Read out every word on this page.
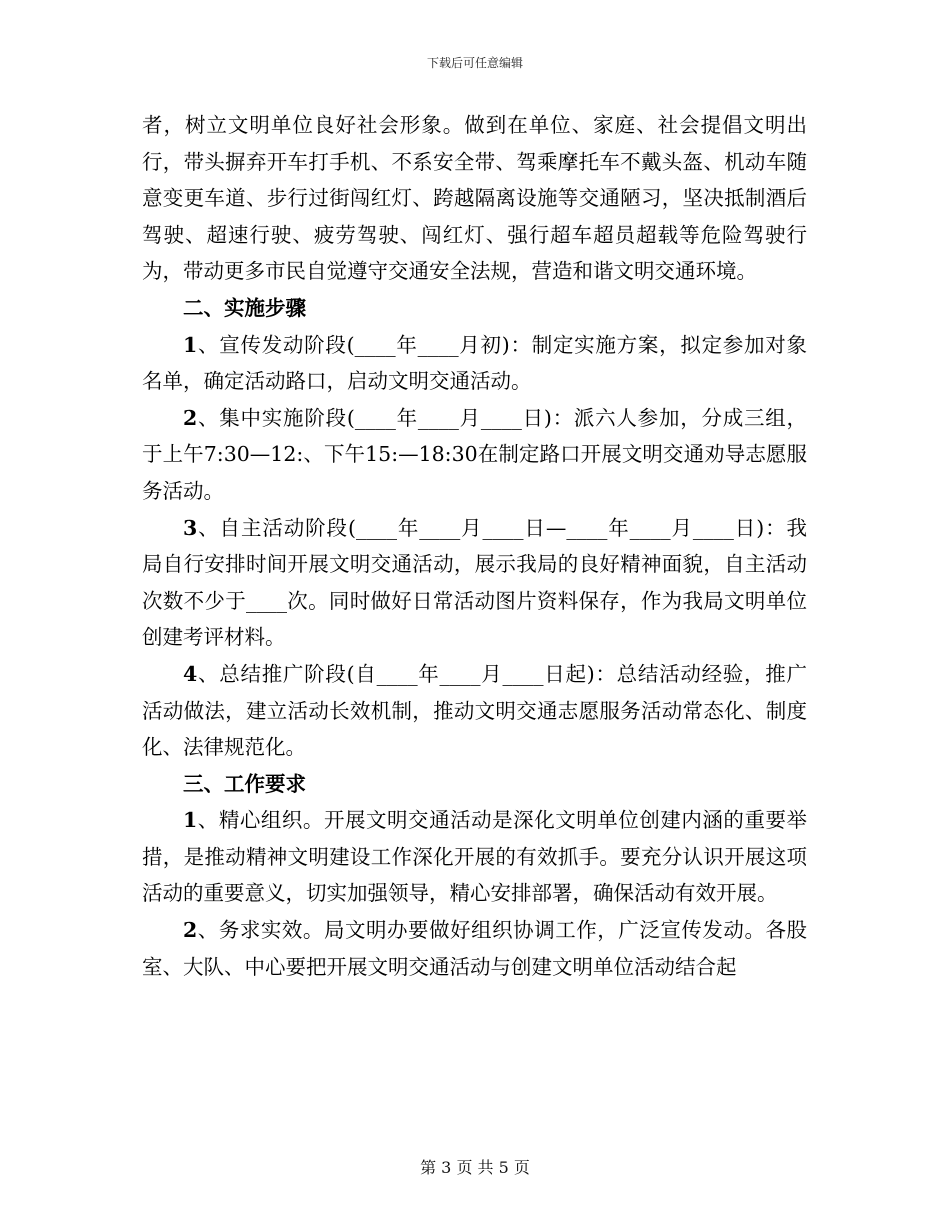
下载后可任意编辑

者，树立文明单位良好社会形象。做到在单位、家庭、社会提倡文明出行，带头摒弃开车打手机、不系安全带、驾乘摩托车不戴头盔、机动车随意变更车道、步行过街闯红灯、跨越隔离设施等交通陋习，坚决抵制酒后驾驶、超速行驶、疲劳驾驶、闯红灯、强行超车超员超载等危险驾驶行为，带动更多市民自觉遵守交通安全法规，营造和谐文明交通环境。

二、实施步骤

1、宣传发动阶段(____年____月初)：制定实施方案，拟定参加对象名单，确定活动路口，启动文明交通活动。

2、集中实施阶段(____年____月____日)：派六人参加，分成三组，于上午7:30—12:、下午15:—18:30在制定路口开展文明交通劝导志愿服务活动。

3、自主活动阶段(____年____月____日—____年____月____日)：我局自行安排时间开展文明交通活动，展示我局的良好精神面貌，自主活动次数不少于____次。同时做好日常活动图片资料保存，作为我局文明单位创建考评材料。

4、总结推广阶段(自____年____月____日起)：总结活动经验，推广活动做法，建立活动长效机制，推动文明交通志愿服务活动常态化、制度化、法律规范化。

三、工作要求

1、精心组织。开展文明交通活动是深化文明单位创建内涵的重要举措，是推动精神文明建设工作深化开展的有效抓手。要充分认识开展这项活动的重要意义，切实加强领导，精心安排部署，确保活动有效开展。

2、务求实效。局文明办要做好组织协调工作，广泛宣传发动。各股室、大队、中心要把开展文明交通活动与创建文明单位活动结合起

第 3 页 共 5 页
